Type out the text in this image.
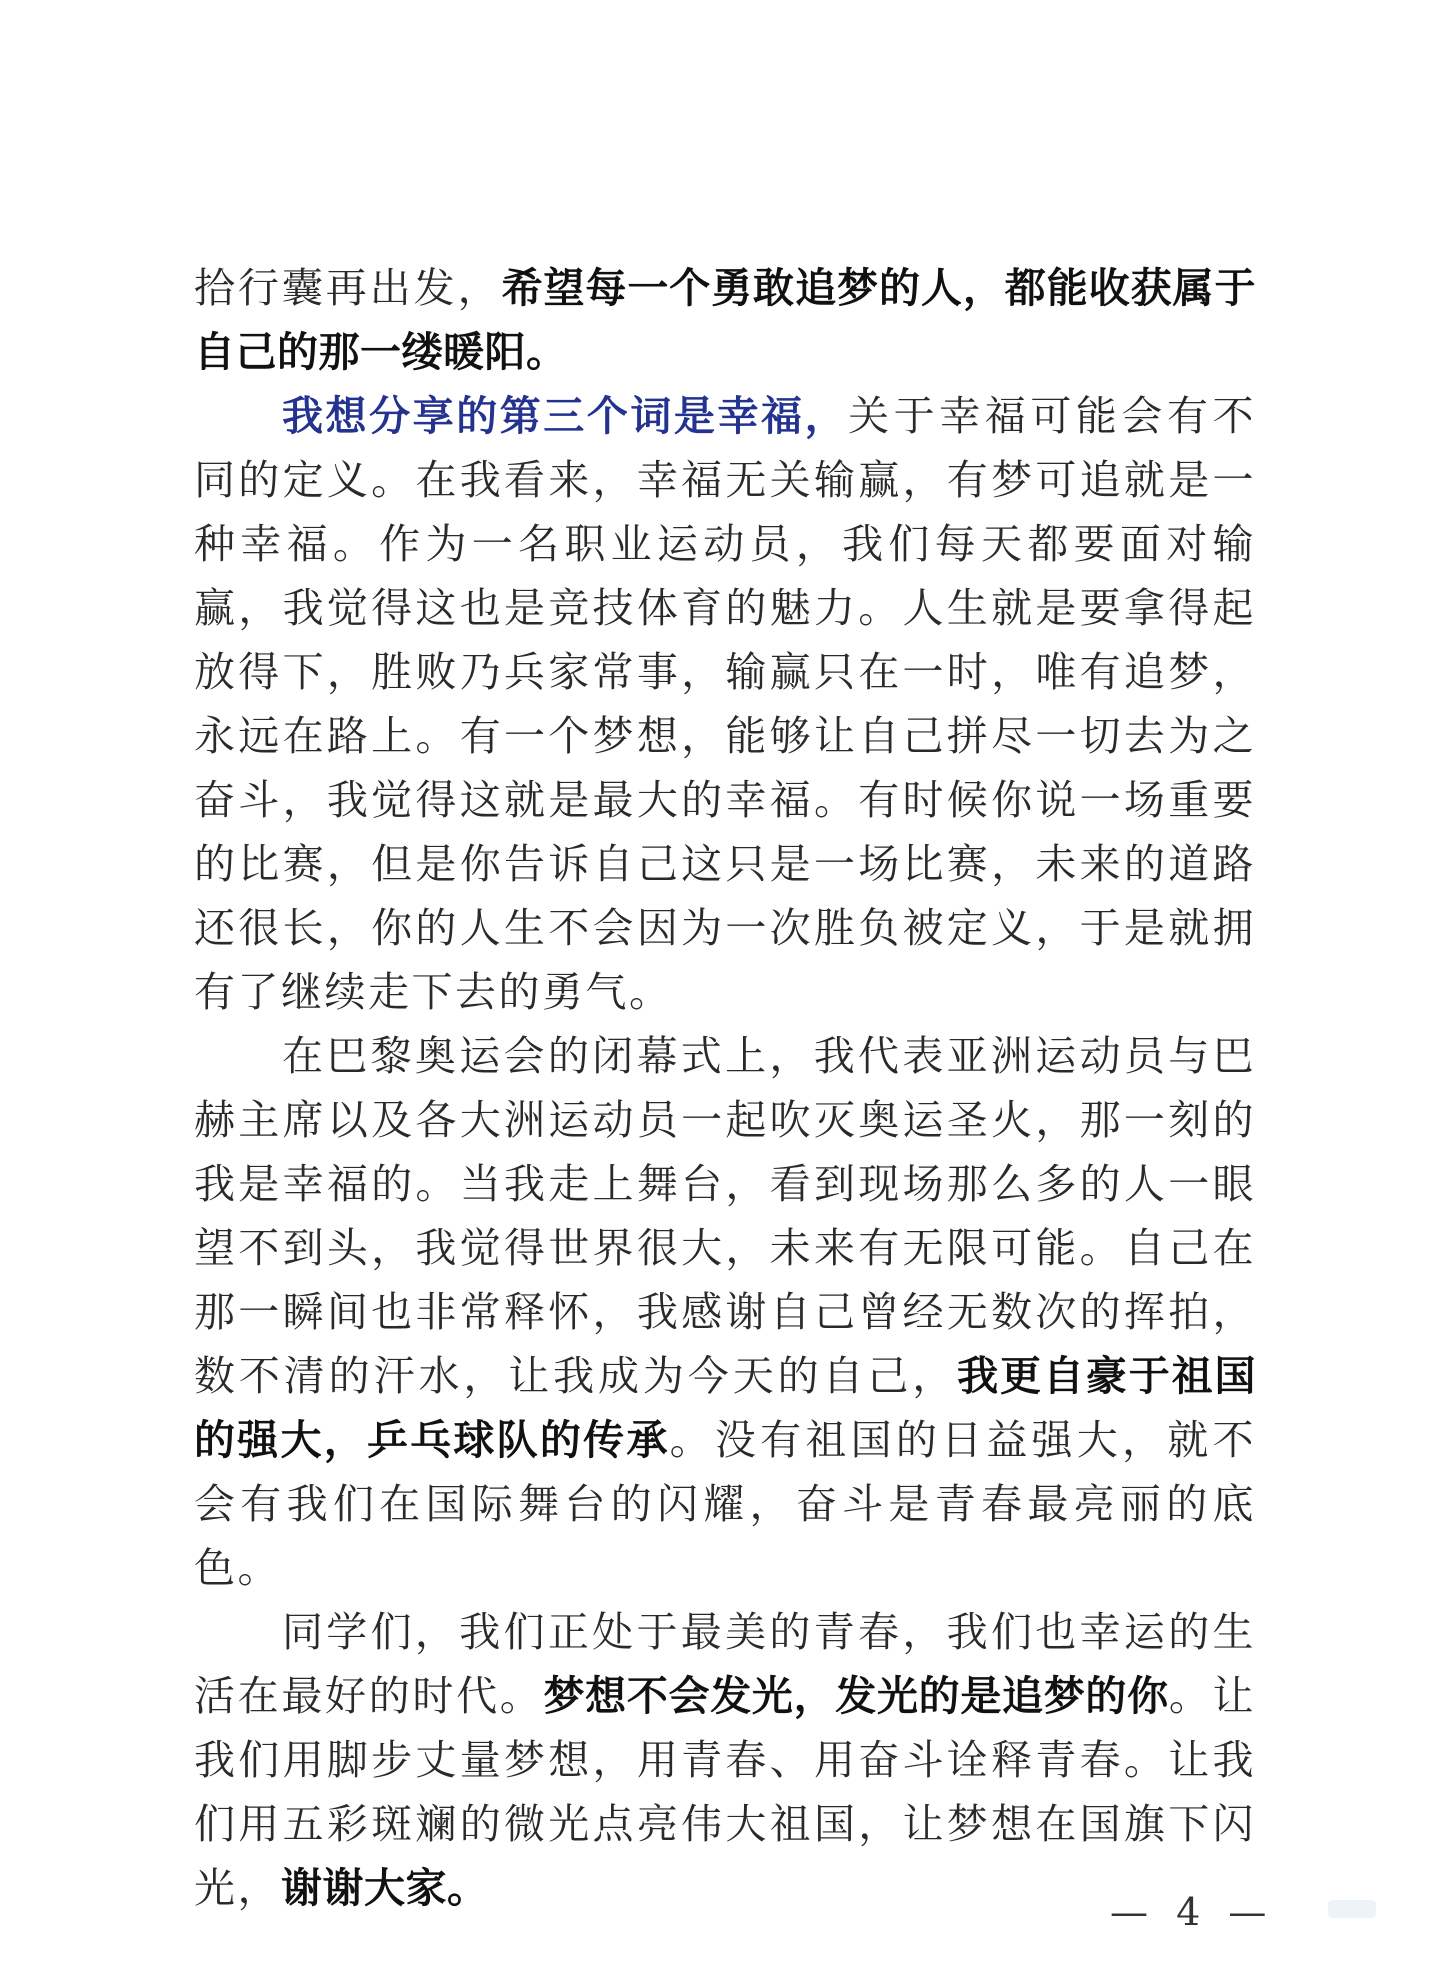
拾行囊再出发，希望每一个勇敢追梦的人，都能收获属于自己的那一缕暖阳。

我想分享的第三个词是幸福，关于幸福可能会有不同的定义。在我看来，幸福无关输赢，有梦可追就是一种幸福。作为一名职业运动员，我们每天都要面对输赢，我觉得这也是竞技体育的魅力。人生就是要拿得起放得下，胜败乃兵家常事，输赢只在一时，唯有追梦，永远在路上。有一个梦想，能够让自己拼尽一切去为之奋斗，我觉得这就是最大的幸福。有时候你说一场重要的比赛，但是你告诉自己这只是一场比赛，未来的道路还很长，你的人生不会因为一次胜负被定义，于是就拥有了继续走下去的勇气。

在巴黎奥运会的闭幕式上，我代表亚洲运动员与巴赫主席以及各大洲运动员一起吹灭奥运圣火，那一刻的我是幸福的。当我走上舞台，看到现场那么多的人一眼望不到头，我觉得世界很大，未来有无限可能。自己在那一瞬间也非常释怀，我感谢自己曾经无数次的挥拍，数不清的汗水，让我成为今天的自己，我更自豪于祖国的强大，乒乓球队的传承。没有祖国的日益强大，就不会有我们在国际舞台的闪耀，奋斗是青春最亮丽的底色。

同学们，我们正处于最美的青春，我们也幸运的生活在最好的时代。梦想不会发光，发光的是追梦的你。让我们用脚步丈量梦想，用青春、用奋斗诠释青春。让我们用五彩斑斓的微光点亮伟大祖国，让梦想在国旗下闪光，谢谢大家。	— 4 —
